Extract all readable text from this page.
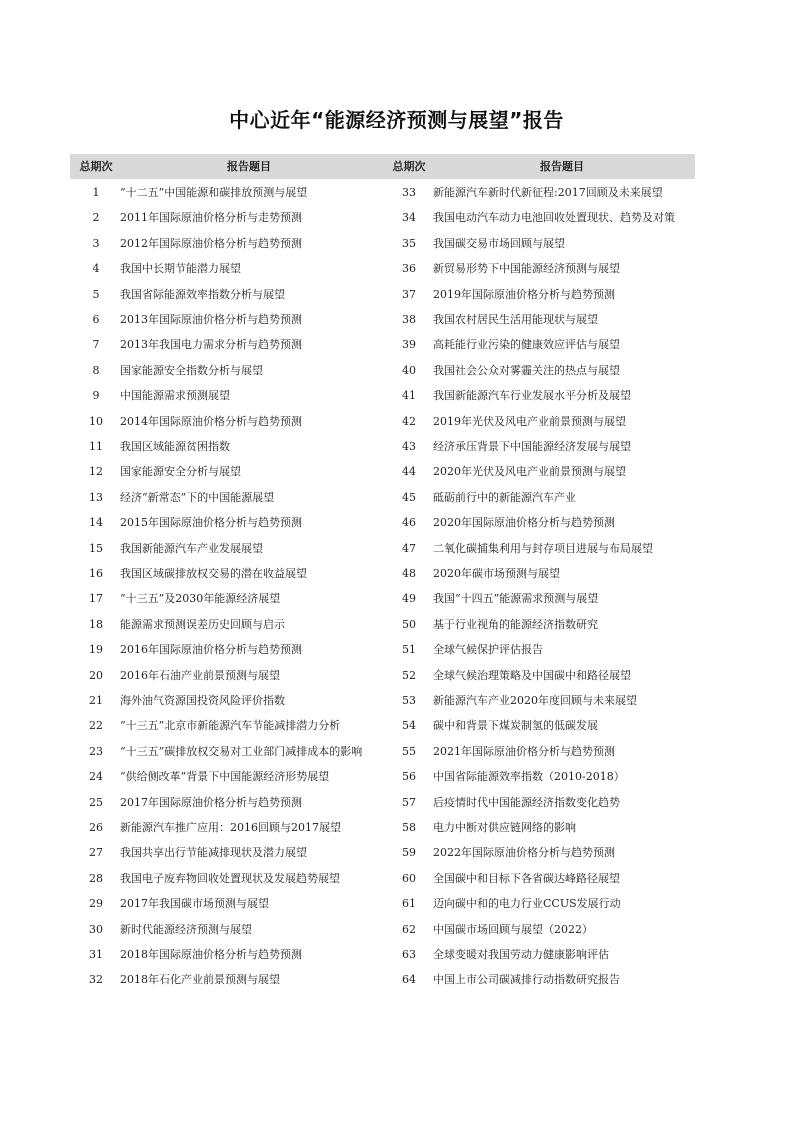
中心近年“能源经济预测与展望”报告
总期次	报告题目	总期次	报告题目
1	“十二五”中国能源和碳排放预测与展望	33	新能源汽车新时代新征程:2017回顾及未来展望
2	2011年国际原油价格分析与走势预测	34	我国电动汽车动力电池回收处置现状、趋势及对策
3	2012年国际原油价格分析与趋势预测	35	我国碳交易市场回顾与展望
4	我国中长期节能潜力展望	36	新贸易形势下中国能源经济预测与展望
5	我国省际能源效率指数分析与展望	37	2019年国际原油价格分析与趋势预测
6	2013年国际原油价格分析与趋势预测	38	我国农村居民生活用能现状与展望
7	2013年我国电力需求分析与趋势预测	39	高耗能行业污染的健康效应评估与展望
8	国家能源安全指数分析与展望	40	我国社会公众对雾霾关注的热点与展望
9	中国能源需求预测展望	41	我国新能源汽车行业发展水平分析及展望
10	2014年国际原油价格分析与趋势预测	42	2019年光伏及风电产业前景预测与展望
11	我国区域能源贫困指数	43	经济承压背景下中国能源经济发展与展望
12	国家能源安全分析与展望	44	2020年光伏及风电产业前景预测与展望
13	经济“新常态”下的中国能源展望	45	砥砺前行中的新能源汽车产业
14	2015年国际原油价格分析与趋势预测	46	2020年国际原油价格分析与趋势预测
15	我国新能源汽车产业发展展望	47	二氧化碳捕集利用与封存项目进展与布局展望
16	我国区域碳排放权交易的潜在收益展望	48	2020年碳市场预测与展望
17	“十三五”及2030年能源经济展望	49	我国“十四五”能源需求预测与展望
18	能源需求预测误差历史回顾与启示	50	基于行业视角的能源经济指数研究
19	2016年国际原油价格分析与趋势预测	51	全球气候保护评估报告
20	2016年石油产业前景预测与展望	52	全球气候治理策略及中国碳中和路径展望
21	海外油气资源国投资风险评价指数	53	新能源汽车产业2020年度回顾与未来展望
22	“十三五”北京市新能源汽车节能减排潜力分析	54	碳中和背景下煤炭制氢的低碳发展
23	“十三五”碳排放权交易对工业部门减排成本的影响	55	2021年国际原油价格分析与趋势预测
24	“供给侧改革”背景下中国能源经济形势展望	56	中国省际能源效率指数（2010-2018）
25	2017年国际原油价格分析与趋势预测	57	后疫情时代中国能源经济指数变化趋势
26	新能源汽车推广应用：2016回顾与2017展望	58	电力中断对供应链网络的影响
27	我国共享出行节能减排现状及潜力展望	59	2022年国际原油价格分析与趋势预测
28	我国电子废弃物回收处置现状及发展趋势展望	60	全国碳中和目标下各省碳达峰路径展望
29	2017年我国碳市场预测与展望	61	迈向碳中和的电力行业CCUS发展行动
30	新时代能源经济预测与展望	62	中国碳市场回顾与展望（2022）
31	2018年国际原油价格分析与趋势预测	63	全球变暖对我国劳动力健康影响评估
32	2018年石化产业前景预测与展望	64	中国上市公司碳减排行动指数研究报告
